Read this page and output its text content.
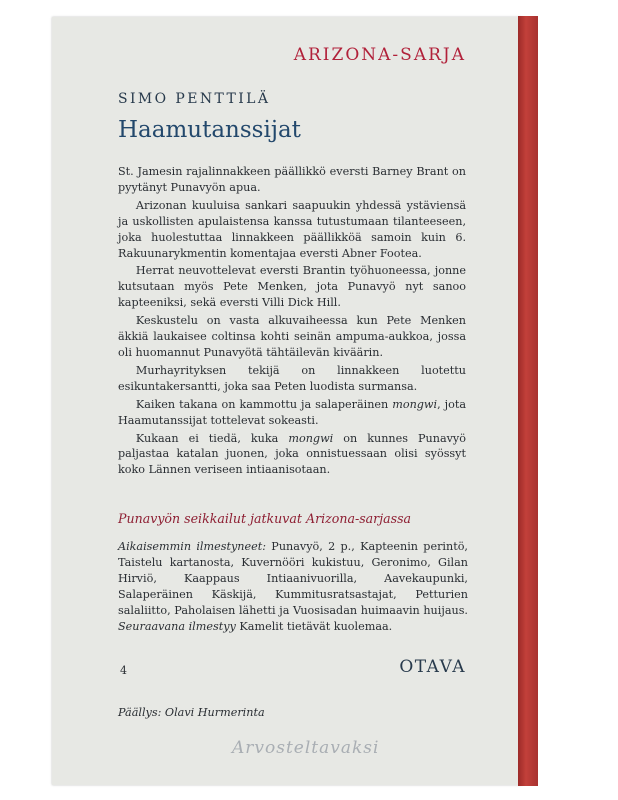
ARIZONA-SARJA
SIMO PENTTILÄ
Haamutanssijat

St. Jamesin rajalinnakkeen päällikkö eversti Barney Brant on pyytänyt Punavyön apua.

Arizonan kuuluisa sankari saapuukin yhdessä ystäviensä ja uskollisten apulaistensa kanssa tutustumaan tilanteeseen, joka huolestuttaa linnakkeen päällikköä samoin kuin 6. Rakuunarykmentin komentajaa eversti Abner Footea.

Herrat neuvottelevat eversti Brantin työhuoneessa, jonne kutsutaan myös Pete Menken, jota Punavyö nyt sanoo kapteeniksi, sekä eversti Villi Dick Hill.

Keskustelu on vasta alkuvaiheessa kun Pete Menken äkkiä laukaisee coltinsa kohti seinän ampuma-aukkoa, jossa oli huomannut Punavyötä tähtäilevän kiväärin.

Murhayrityksen tekijä on linnakkeen luotettu esikuntakersantti, joka saa Peten luodista surmansa.

Kaiken takana on kammottu ja salaperäinen mongwi, jota Haamutanssijat tottelevat sokeasti.

Kukaan ei tiedä, kuka mongwi on kunnes Punavyö paljastaa katalan juonen, joka onnistuessaan olisi syössyt koko Lännen veriseen intiaanisotaan.

Punavyön seikkailut jatkuvat Arizona-sarjassa
Aikaisemmin ilmestyneet: Punavyö, 2 p., Kapteenin perintö, Taistelu kartanosta, Kuvernööri kukistuu, Geronimo, Gilan Hirviö, Kaappaus Intiaanivuorilla, Aavekaupunki, Salaperäinen Käskijä, Kummitusratsastajat, Petturien salaliitto, Paholaisen lähetti ja Vuosisadan huimaavin huijaus. Seuraavana ilmestyy Kamelit tietävät kuolemaa.
4	OTAVA
Päällys: Olavi Hurmerinta
Arvosteltavaksi
